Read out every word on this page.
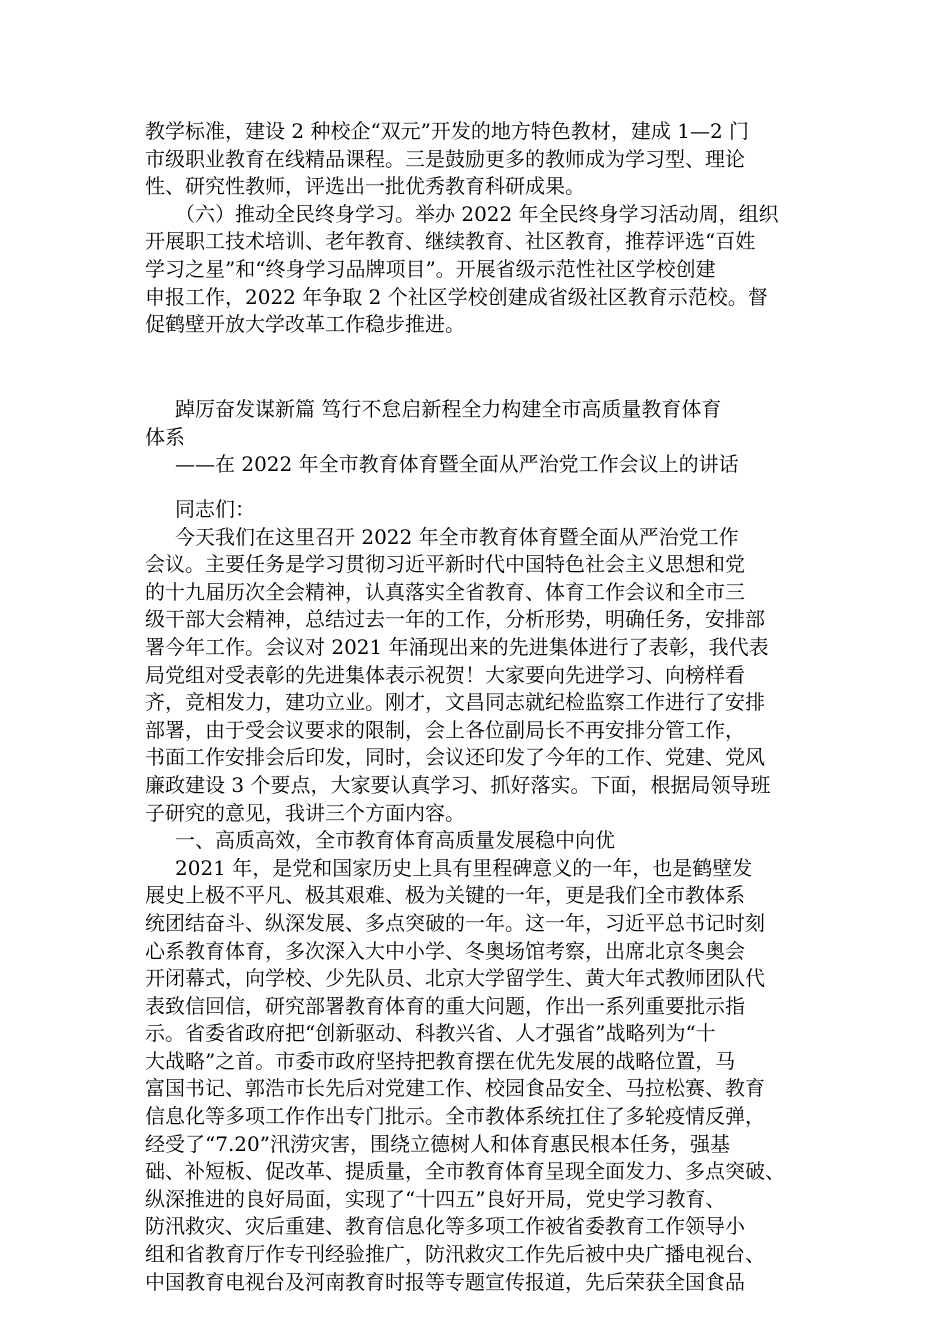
教学标准，建设 2 种校企“双元”开发的地方特色教材，建成 1—2 门
市级职业教育在线精品课程。三是鼓励更多的教师成为学习型、理论
性、研究性教师，评选出一批优秀教育科研成果。
（六）推动全民终身学习。举办 2022 年全民终身学习活动周，组织
开展职工技术培训、老年教育、继续教育、社区教育，推荐评选“百姓
学习之星”和“终身学习品牌项目”。开展省级示范性社区学校创建
申报工作，2022 年争取 2 个社区学校创建成省级社区教育示范校。督
促鹤壁开放大学改革工作稳步推进。
踔厉奋发谋新篇 笃行不怠启新程全力构建全市高质量教育体育
体系
——在 2022 年全市教育体育暨全面从严治党工作会议上的讲话
同志们：
今天我们在这里召开 2022 年全市教育体育暨全面从严治党工作
会议。主要任务是学习贯彻习近平新时代中国特色社会主义思想和党
的十九届历次全会精神，认真落实全省教育、体育工作会议和全市三
级干部大会精神，总结过去一年的工作，分析形势，明确任务，安排部
署今年工作。会议对 2021 年涌现出来的先进集体进行了表彰，我代表
局党组对受表彰的先进集体表示祝贺！大家要向先进学习、向榜样看
齐，竞相发力，建功立业。刚才，文昌同志就纪检监察工作进行了安排
部署，由于受会议要求的限制，会上各位副局长不再安排分管工作，
书面工作安排会后印发，同时，会议还印发了今年的工作、党建、党风
廉政建设 3 个要点，大家要认真学习、抓好落实。下面，根据局领导班
子研究的意见，我讲三个方面内容。
一、高质高效，全市教育体育高质量发展稳中向优
2021 年，是党和国家历史上具有里程碑意义的一年，也是鹤壁发
展史上极不平凡、极其艰难、极为关键的一年，更是我们全市教体系
统团结奋斗、纵深发展、多点突破的一年。这一年，习近平总书记时刻
心系教育体育，多次深入大中小学、冬奥场馆考察，出席北京冬奥会
开闭幕式，向学校、少先队员、北京大学留学生、黄大年式教师团队代
表致信回信，研究部署教育体育的重大问题，作出一系列重要批示指
示。省委省政府把“创新驱动、科教兴省、人才强省”战略列为“十
大战略”之首。市委市政府坚持把教育摆在优先发展的战略位置，马
富国书记、郭浩市长先后对党建工作、校园食品安全、马拉松赛、教育
信息化等多项工作作出专门批示。全市教体系统扛住了多轮疫情反弹，
经受了“7.20”汛涝灾害，围绕立德树人和体育惠民根本任务，强基
础、补短板、促改革、提质量，全市教育体育呈现全面发力、多点突破、
纵深推进的良好局面，实现了“十四五”良好开局，党史学习教育、
防汛救灾、灾后重建、教育信息化等多项工作被省委教育工作领导小
组和省教育厅作专刊经验推广，防汛救灾工作先后被中央广播电视台、
中国教育电视台及河南教育时报等专题宣传报道，先后荣获全国食品
